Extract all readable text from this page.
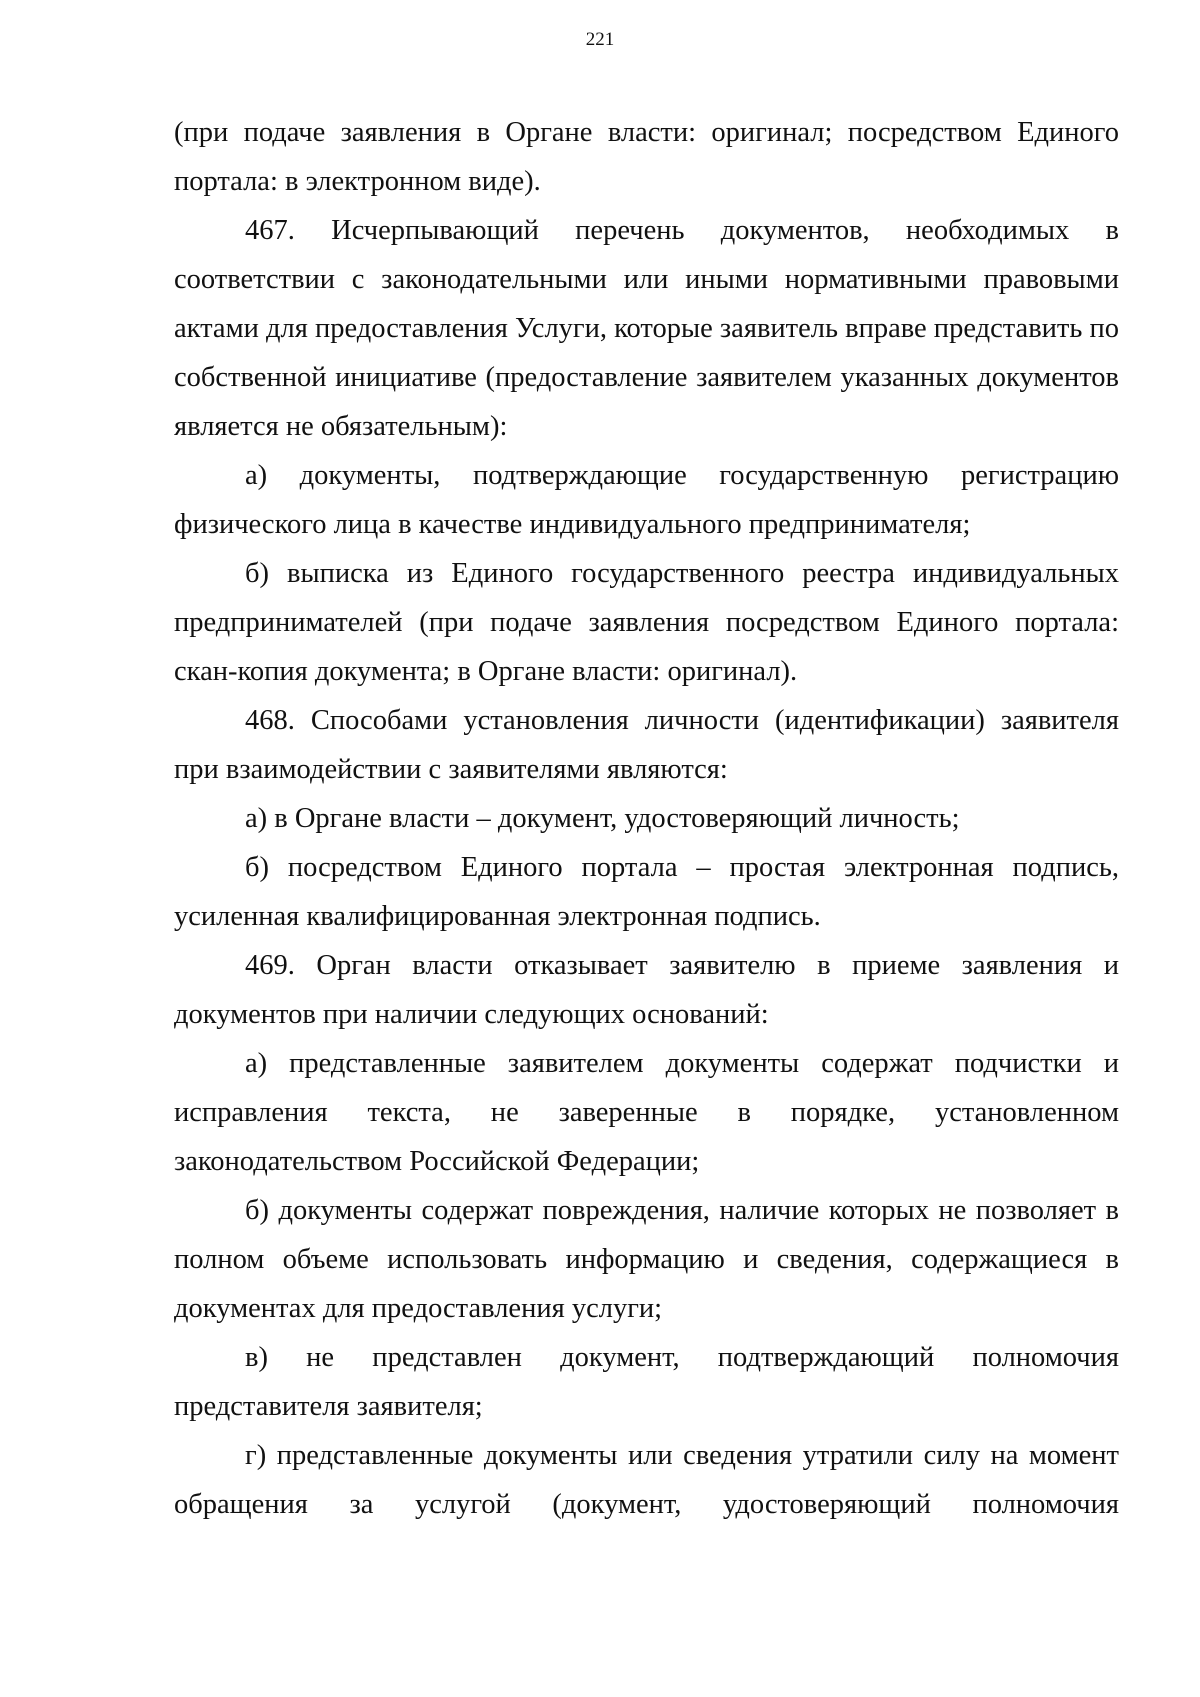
221

(при подаче заявления в Органе власти: оригинал; посредством Единого портала: в электронном виде).

467. Исчерпывающий перечень документов, необходимых в соответствии с законодательными или иными нормативными правовыми актами для предоставления Услуги, которые заявитель вправе представить по собственной инициативе (предоставление заявителем указанных документов является не обязательным):

а) документы, подтверждающие государственную регистрацию физического лица в качестве индивидуального предпринимателя;

б) выписка из Единого государственного реестра индивидуальных предпринимателей (при подаче заявления посредством Единого портала: скан-копия документа; в Органе власти: оригинал).

468. Способами установления личности (идентификации) заявителя при взаимодействии с заявителями являются:

а) в Органе власти – документ, удостоверяющий личность;

б) посредством Единого портала – простая электронная подпись, усиленная квалифицированная электронная подпись.

469. Орган власти отказывает заявителю в приеме заявления и документов при наличии следующих оснований:

а) представленные заявителем документы содержат подчистки и исправления текста, не заверенные в порядке, установленном законодательством Российской Федерации;

б) документы содержат повреждения, наличие которых не позволяет в полном объеме использовать информацию и сведения, содержащиеся в документах для предоставления услуги;

в) не представлен документ, подтверждающий полномочия представителя заявителя;

г) представленные документы или сведения утратили силу на момент обращения за услугой (документ, удостоверяющий полномочия
